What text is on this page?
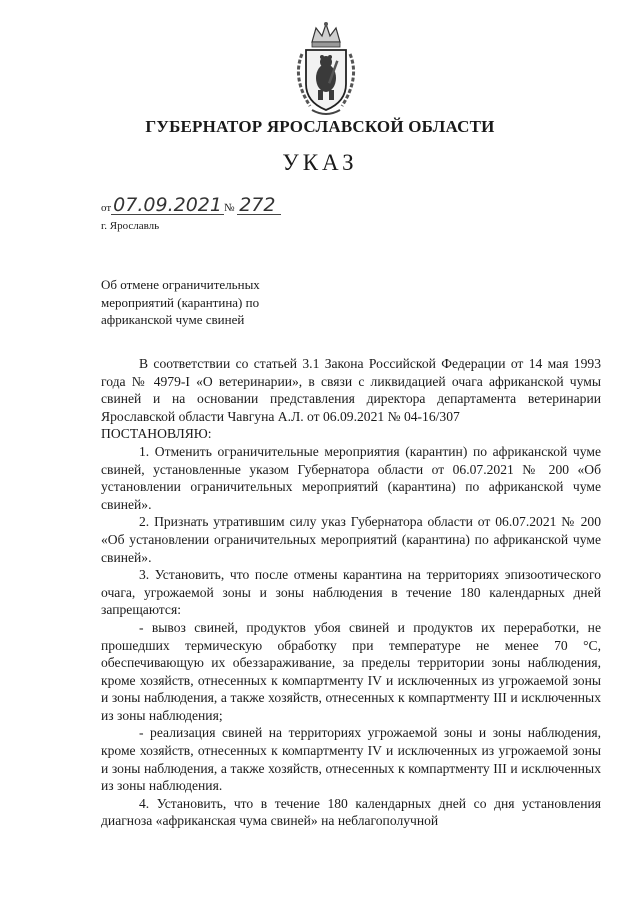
ГУБЕРНАТОР ЯРОСЛАВСКОЙ ОБЛАСТИ
УКАЗ
от 07.09.2021 № 272
г. Ярославль
Об отмене ограничительных
мероприятий (карантина) по
африканской чуме свиней

В соответствии со статьей 3.1 Закона Российской Федерации от 14 мая 1993 года № 4979-I «О ветеринарии», в связи с ликвидацией очага африканской чумы свиней и на основании представления директора департамента ветеринарии Ярославской области Чавгуна А.Л. от 06.09.2021 № 04-16/307

ПОСТАНОВЛЯЮ:

1. Отменить ограничительные мероприятия (карантин) по африканской чуме свиней, установленные указом Губернатора области от 06.07.2021 № 200 «Об установлении ограничительных мероприятий (карантина) по африканской чуме свиней».

2. Признать утратившим силу указ Губернатора области от 06.07.2021 № 200 «Об установлении ограничительных мероприятий (карантина) по африканской чуме свиней».

3. Установить, что после отмены карантина на территориях эпизоотического очага, угрожаемой зоны и зоны наблюдения в течение 180 календарных дней запрещаются:

- вывоз свиней, продуктов убоя свиней и продуктов их переработки, не прошедших термическую обработку при температуре не менее 70 °С, обеспечивающую их обеззараживание, за пределы территории зоны наблюдения, кроме хозяйств, отнесенных к компартменту IV и исключенных из угрожаемой зоны и зоны наблюдения, а также хозяйств, отнесенных к компартменту III и исключенных из зоны наблюдения;

- реализация свиней на территориях угрожаемой зоны и зоны наблюдения, кроме хозяйств, отнесенных к компартменту IV и исключенных из угрожаемой зоны и зоны наблюдения, а также хозяйств, отнесенных к компартменту III и исключенных из зоны наблюдения.

4. Установить, что в течение 180 календарных дней со дня установления диагноза «африканская чума свиней» на неблагополучной
